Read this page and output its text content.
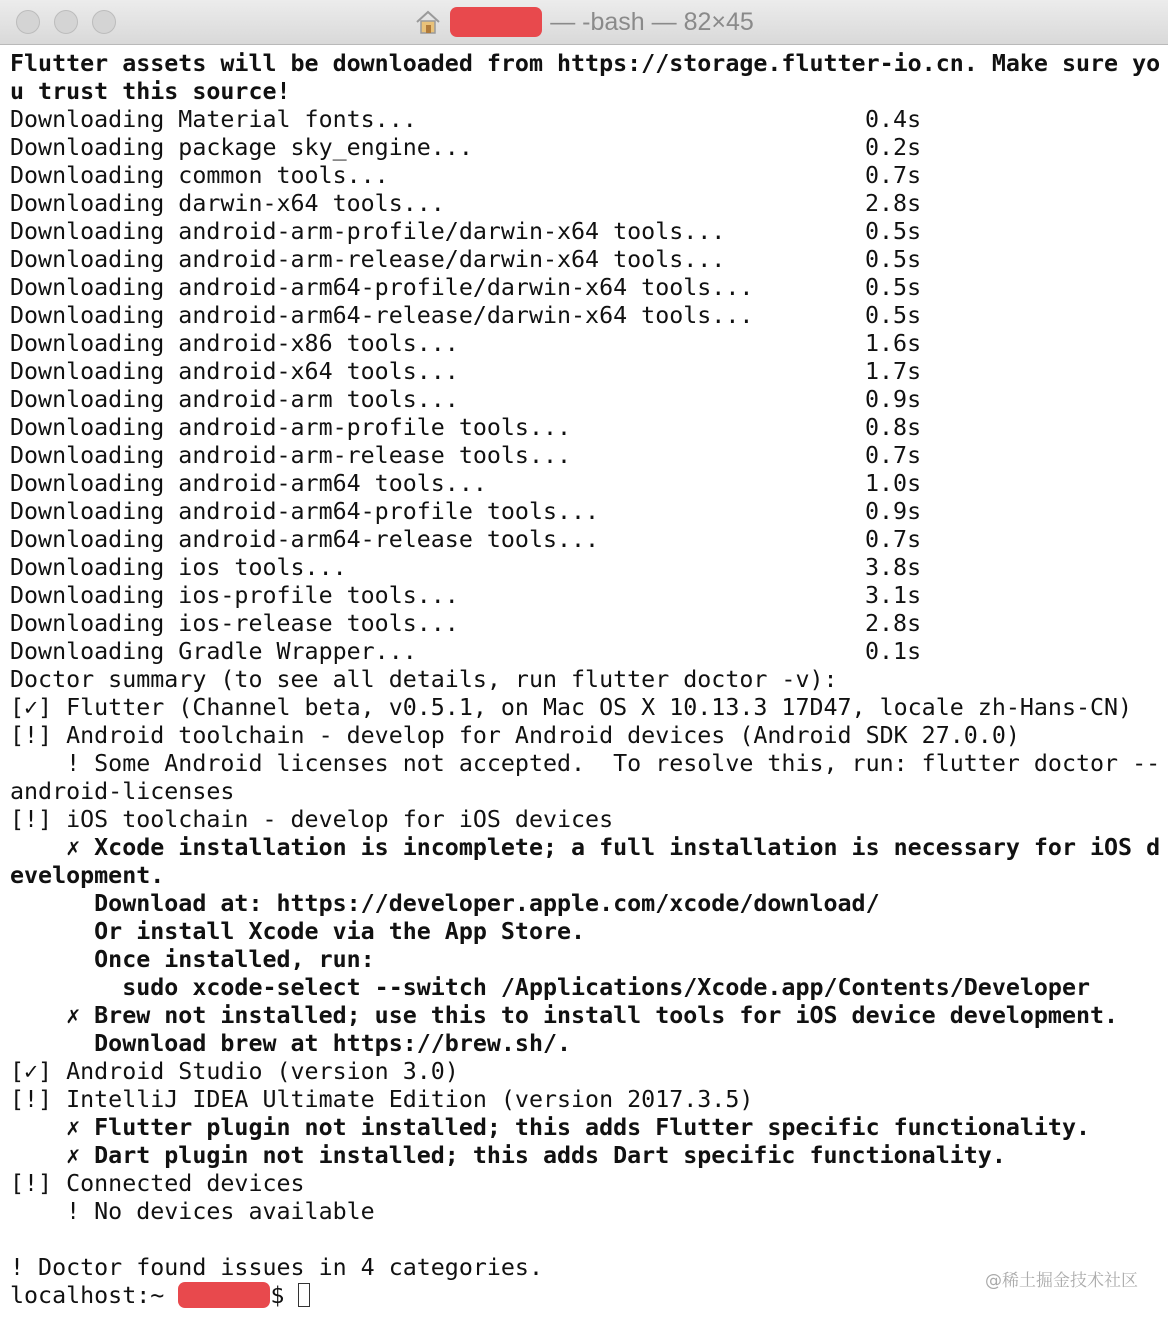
— -bash — 82×45
Flutter assets will be downloaded from https://storage.flutter-io.cn. Make sure yo
u trust this source!
Downloading Material fonts...	0.4s
Downloading package sky_engine...	0.2s
Downloading common tools...	0.7s
Downloading darwin-x64 tools...	2.8s
Downloading android-arm-profile/darwin-x64 tools...	0.5s
Downloading android-arm-release/darwin-x64 tools...	0.5s
Downloading android-arm64-profile/darwin-x64 tools...	0.5s
Downloading android-arm64-release/darwin-x64 tools...	0.5s
Downloading android-x86 tools...	1.6s
Downloading android-x64 tools...	1.7s
Downloading android-arm tools...	0.9s
Downloading android-arm-profile tools...	0.8s
Downloading android-arm-release tools...	0.7s
Downloading android-arm64 tools...	1.0s
Downloading android-arm64-profile tools...	0.9s
Downloading android-arm64-release tools...	0.7s
Downloading ios tools...	3.8s
Downloading ios-profile tools...	3.1s
Downloading ios-release tools...	2.8s
Downloading Gradle Wrapper...	0.1s
Doctor summary (to see all details, run flutter doctor -v):
[✓] Flutter (Channel beta, v0.5.1, on Mac OS X 10.13.3 17D47, locale zh-Hans-CN)
[!] Android toolchain - develop for Android devices (Android SDK 27.0.0)
! Some Android licenses not accepted.  To resolve this, run: flutter doctor --
android-licenses
[!] iOS toolchain - develop for iOS devices
✗ Xcode installation is incomplete; a full installation is necessary for iOS d
evelopment.
Download at: https://developer.apple.com/xcode/download/
Or install Xcode via the App Store.
Once installed, run:
sudo xcode-select --switch /Applications/Xcode.app/Contents/Developer
✗ Brew not installed; use this to install tools for iOS device development.
Download brew at https://brew.sh/.
[✓] Android Studio (version 3.0)
[!] IntelliJ IDEA Ultimate Edition (version 2017.3.5)
✗ Flutter plugin not installed; this adds Flutter specific functionality.
✗ Dart plugin not installed; this adds Dart specific functionality.
[!] Connected devices
! No devices available
! Doctor found issues in 4 categories.
localhost:~	$
@稀土掘金技术社区
